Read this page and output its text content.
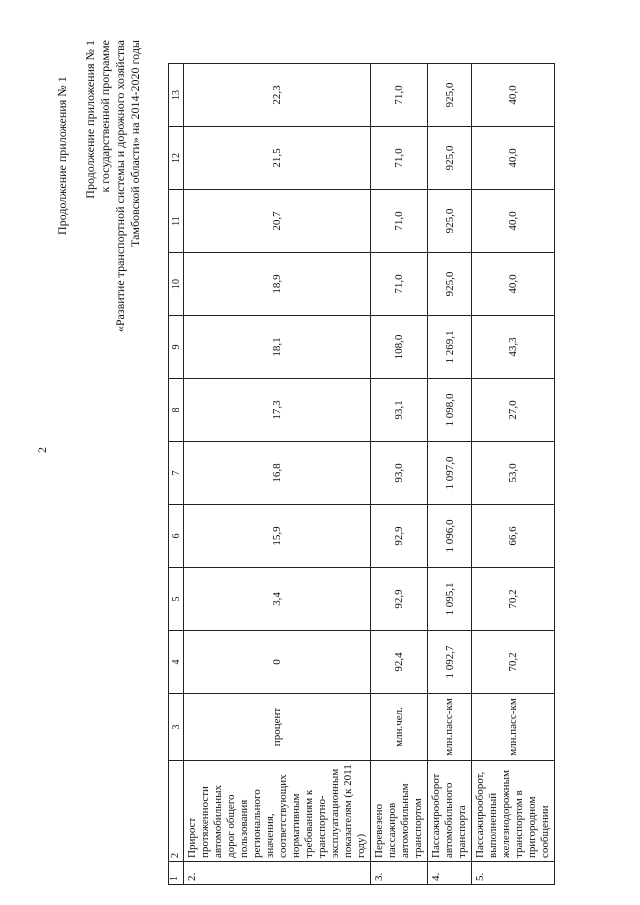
2
Продолжение приложения № 1 Продолжение приложения № 1 к государственной программе «Развитие транспортной системы и дорожного хозяйства Тамбовской области» на 2014-2020 годы
1	2	3	4	5	6	7	8	9	10	11	12	13
2.	Прирост протяженности автомобильных дорог общего пользования регионального значения, соответствующих нормативным требованиям к транспортно-эксплуатационным показателям (к 2011 году)	процент	0	3,4	15,9	16,8	17,3	18,1	18,9	20,7	21,5	22,3
3.	Перевезено пассажиров автомобильным транспортом	млн.чел.	92,4	92,9	92,9	93,0	93,1	108,0	71,0	71,0	71,0	71,0
4.	Пассажирооборот автомобильного транспорта	млн.пасс-км	1 092,7	1 095,1	1 096,0	1 097,0	1 098,0	1 269,1	925,0	925,0	925,0	925,0
5.	Пассажирооборот, выполненный железнодорожным транспортом в пригородном сообщении	млн.пасс-км	70,2	70,2	66,6	53,0	27,0	43,3	40,0	40,0	40,0	40,0
